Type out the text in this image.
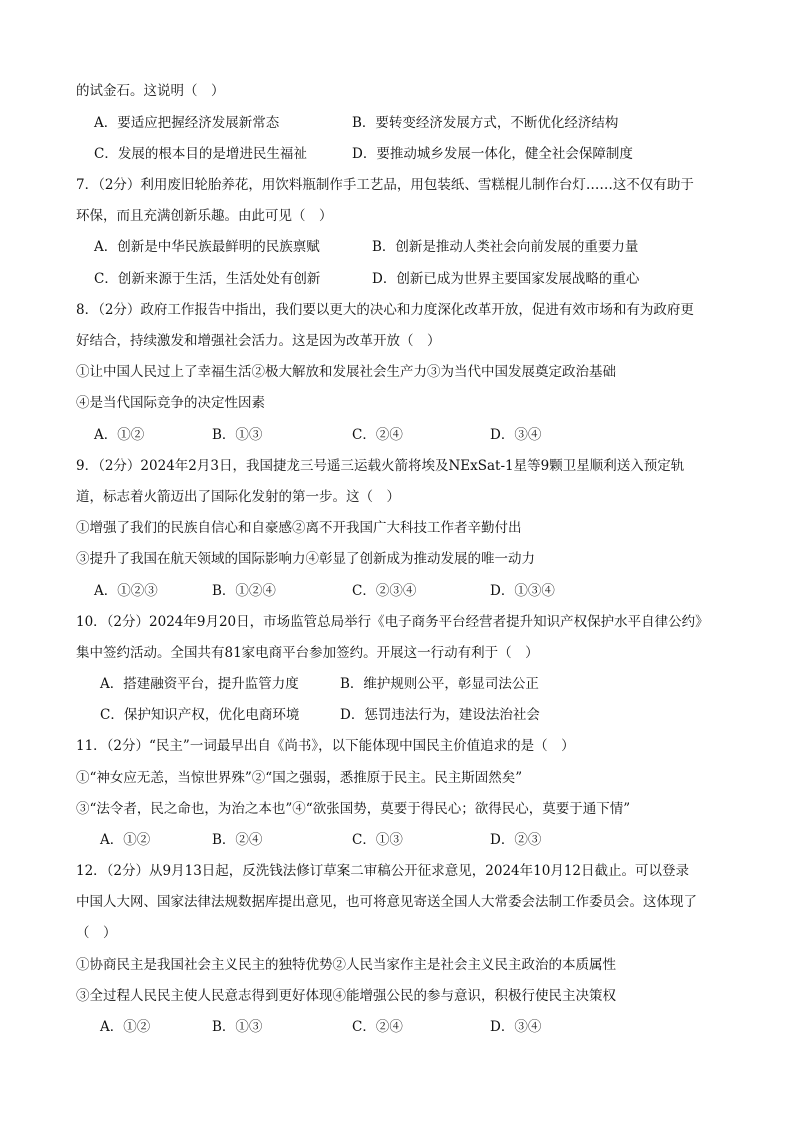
的试金石。这说明（　）
A．要适应把握经济发展新常态	B．要转变经济发展方式，不断优化经济结构
C．发展的根本目的是增进民生福祉	D．要推动城乡发展一体化，健全社会保障制度
7．（2分）利用废旧轮胎养花，用饮料瓶制作手工艺品，用包装纸、雪糕棍儿制作台灯……这不仅有助于
环保，而且充满创新乐趣。由此可见（　）
A．创新是中华民族最鲜明的民族禀赋	B．创新是推动人类社会向前发展的重要力量
C．创新来源于生活，生活处处有创新	D．创新已成为世界主要国家发展战略的重心
8．（2分）政府工作报告中指出，我们要以更大的决心和力度深化改革开放，促进有效市场和有为政府更
好结合，持续激发和增强社会活力。这是因为改革开放（　）
①让中国人民过上了幸福生活②极大解放和发展社会生产力③为当代中国发展奠定政治基础
④是当代国际竞争的决定性因素
A．①②	B．①③	C．②④	D．③④
9．（2分）2024年2月3日，我国捷龙三号遥三运载火箭将埃及NExSat-1星等9颗卫星顺利送入预定轨
道，标志着火箭迈出了国际化发射的第一步。这（　）
①增强了我们的民族自信心和自豪感②离不开我国广大科技工作者辛勤付出
③提升了我国在航天领域的国际影响力④彰显了创新成为推动发展的唯一动力
A．①②③	B．①②④	C．②③④	D．①③④
10．（2分）2024年9月20日，市场监管总局举行《电子商务平台经营者提升知识产权保护水平自律公约》
集中签约活动。全国共有81家电商平台参加签约。开展这一行动有利于（　）
A．搭建融资平台，提升监管力度	B．维护规则公平，彰显司法公正
C．保护知识产权，优化电商环境	D．惩罚违法行为，建设法治社会
11．（2分）“民主”一词最早出自《尚书》，以下能体现中国民主价值追求的是（　）
①“神女应无恙，当惊世界殊”②“国之强弱，悉推原于民主。民主斯固然矣”
③“法令者，民之命也，为治之本也”④“欲张国势，莫要于得民心；欲得民心，莫要于通下情”
A．①②	B．②④	C．①③	D．②③
12．（2分）从9月13日起，反洗钱法修订草案二审稿公开征求意见，2024年10月12日截止。可以登录
中国人大网、国家法律法规数据库提出意见，也可将意见寄送全国人大常委会法制工作委员会。这体现了
（　）
①协商民主是我国社会主义民主的独特优势②人民当家作主是社会主义民主政治的本质属性
③全过程人民民主使人民意志得到更好体现④能增强公民的参与意识，积极行使民主决策权
A．①②	B．①③	C．②④	D．③④
